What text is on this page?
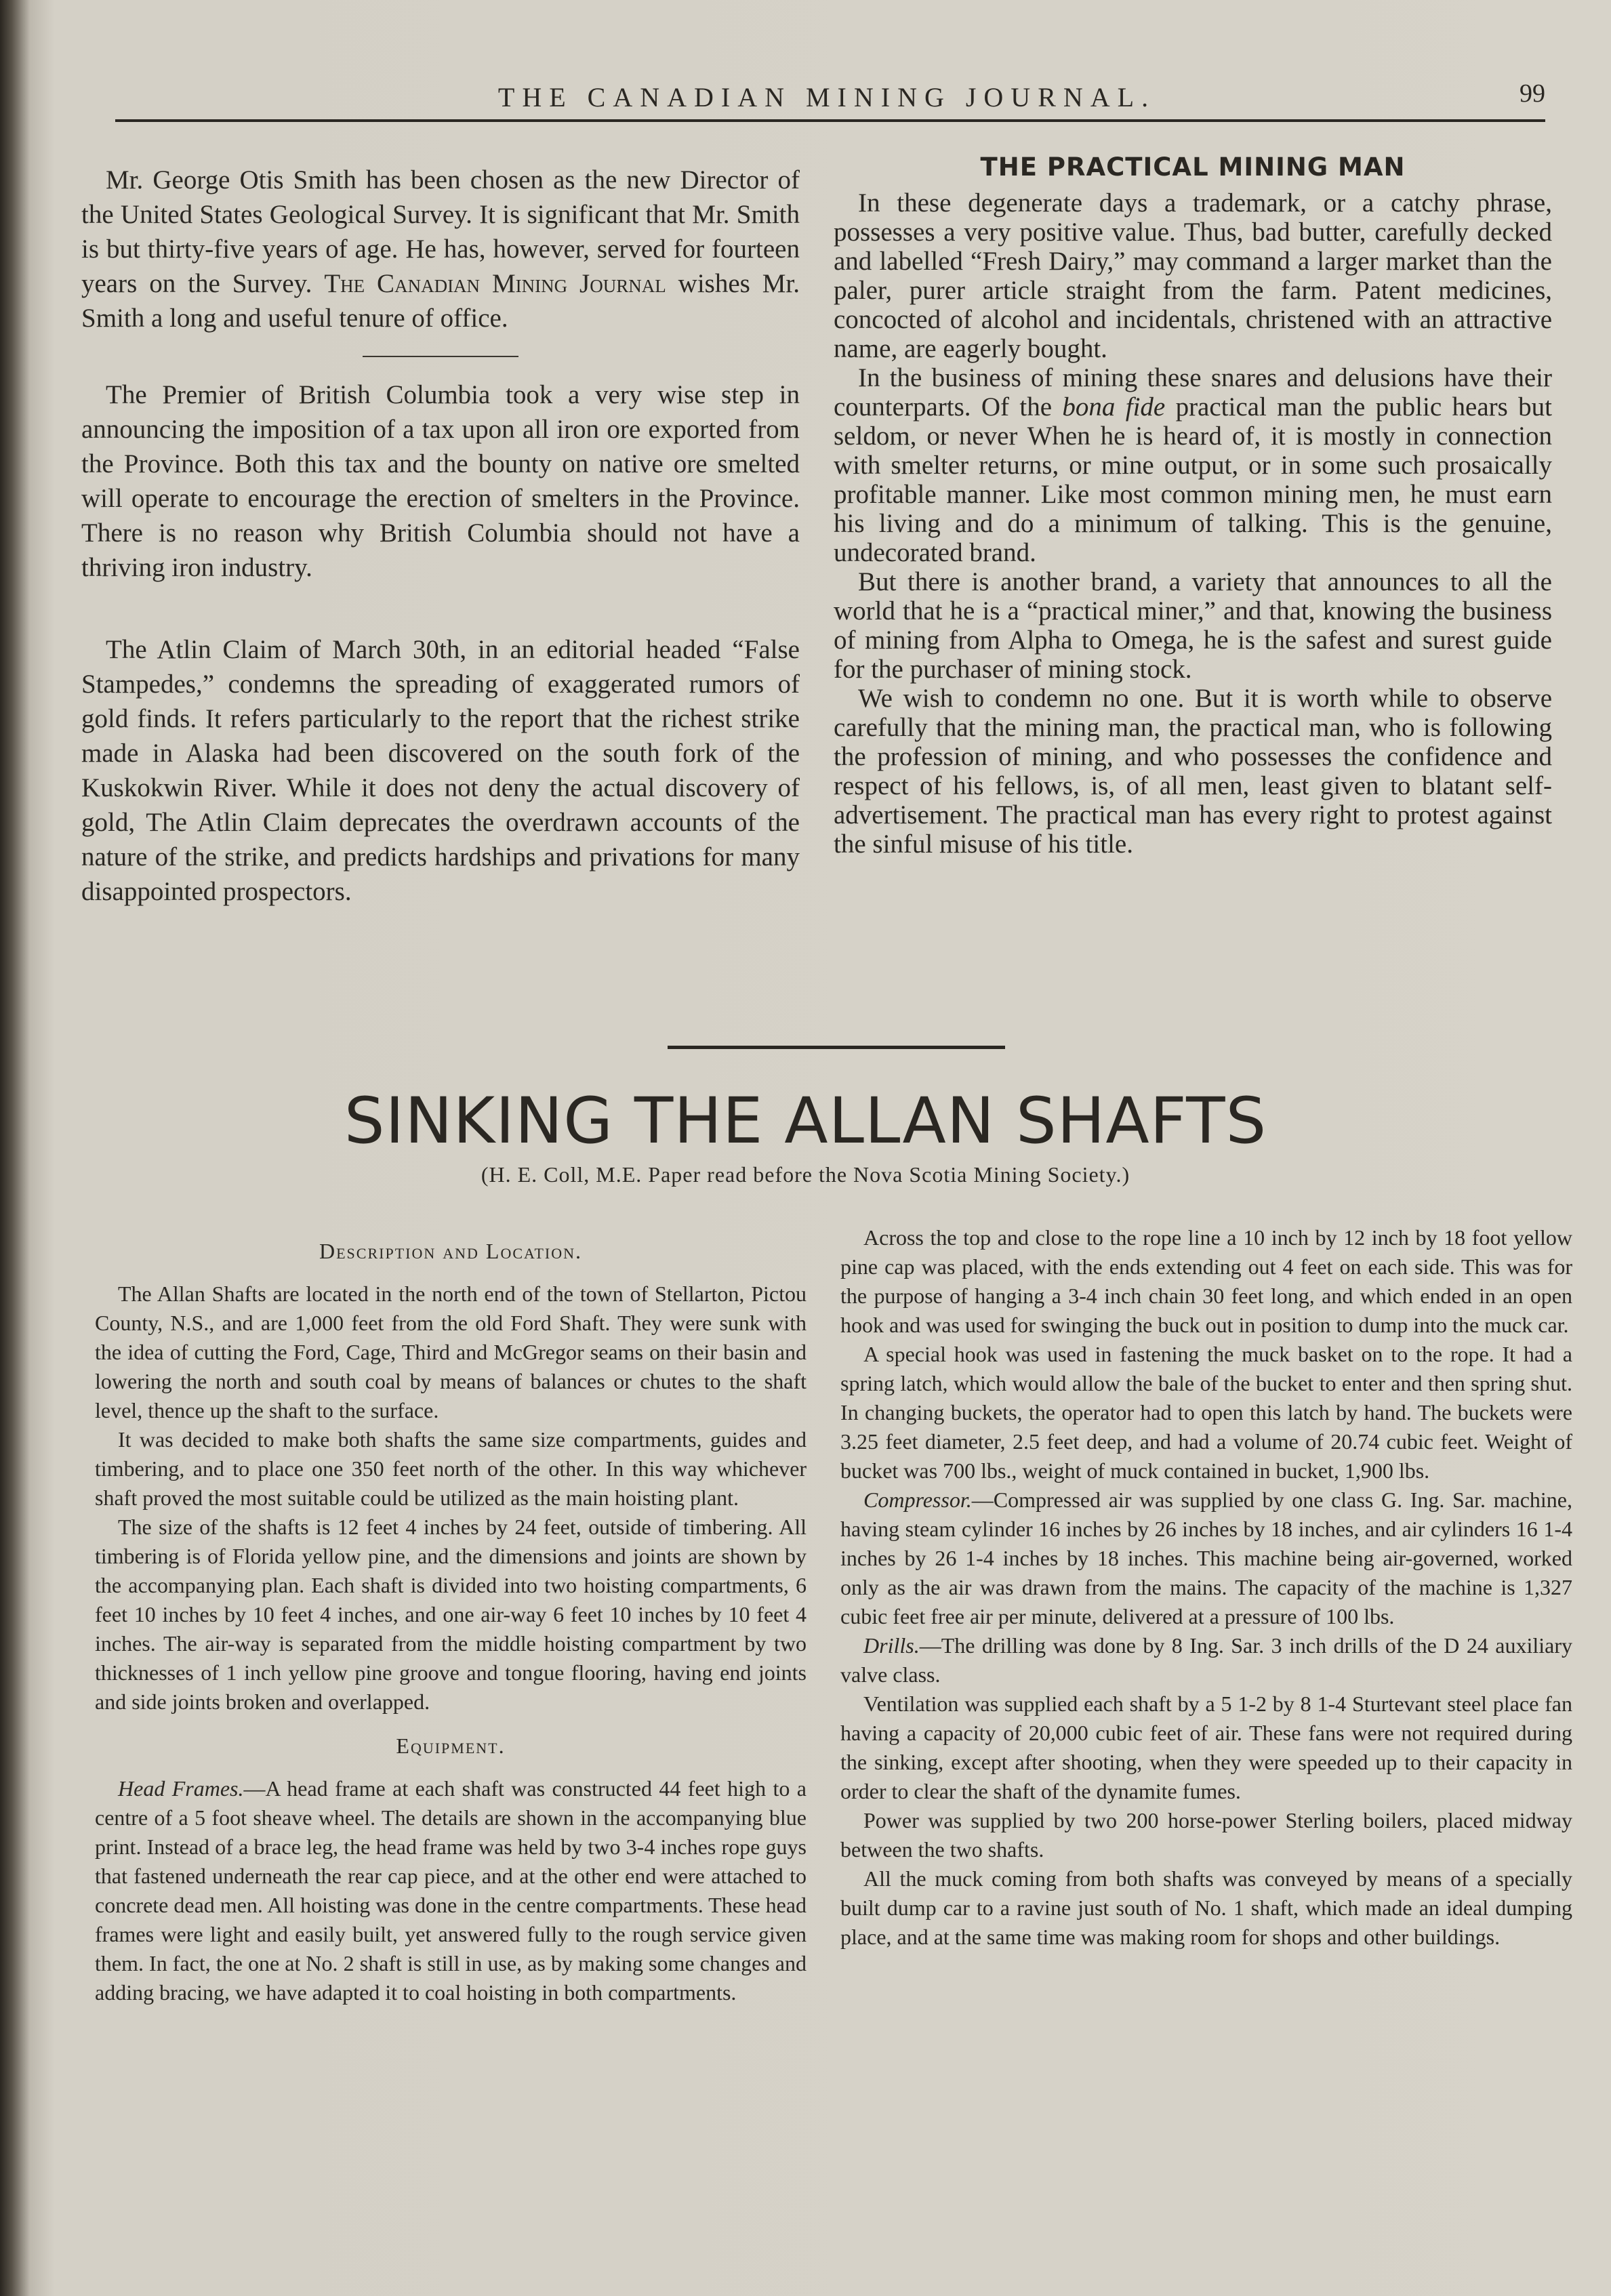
THE CANADIAN MINING JOURNAL.	99

Mr. George Otis Smith has been chosen as the new Director of the United States Geological Survey. It is significant that Mr. Smith is but thirty-five years of age. He has, however, served for fourteen years on the Survey. The Canadian Mining Journal wishes Mr. Smith a long and useful tenure of office.

The Premier of British Columbia took a very wise step in announcing the imposition of a tax upon all iron ore exported from the Province. Both this tax and the bounty on native ore smelted will operate to encourage the erection of smelters in the Province. There is no reason why British Columbia should not have a thriving iron industry.

The Atlin Claim of March 30th, in an editorial headed “False Stampedes,” condemns the spreading of exaggerated rumors of gold finds. It refers particularly to the report that the richest strike made in Alaska had been discovered on the south fork of the Kuskokwin River. While it does not deny the actual discovery of gold, The Atlin Claim deprecates the overdrawn accounts of the nature of the strike, and predicts hardships and privations for many disappointed prospectors.

THE PRACTICAL MINING MAN

In these degenerate days a trademark, or a catchy phrase, possesses a very positive value. Thus, bad butter, carefully decked and labelled “Fresh Dairy,” may command a larger market than the paler, purer article straight from the farm. Patent medicines, concocted of alcohol and incidentals, christened with an attractive name, are eagerly bought.

In the business of mining these snares and delusions have their counterparts. Of the bona fide practical man the public hears but seldom, or never When he is heard of, it is mostly in connection with smelter returns, or mine output, or in some such prosaically profitable manner. Like most common mining men, he must earn his living and do a minimum of talking. This is the genuine, undecorated brand.

But there is another brand, a variety that announces to all the world that he is a “practical miner,” and that, knowing the business of mining from Alpha to Omega, he is the safest and surest guide for the purchaser of mining stock.

We wish to condemn no one. But it is worth while to observe carefully that the mining man, the practical man, who is following the profession of mining, and who possesses the confidence and respect of his fellows, is, of all men, least given to blatant self-advertisement. The practical man has every right to protest against the sinful misuse of his title.

SINKING THE ALLAN SHAFTS
(H. E. Coll, M.E. Paper read before the Nova Scotia Mining Society.)
Description and Location.

The Allan Shafts are located in the north end of the town of Stellarton, Pictou County, N.S., and are 1,000 feet from the old Ford Shaft. They were sunk with the idea of cutting the Ford, Cage, Third and McGregor seams on their basin and lowering the north and south coal by means of balances or chutes to the shaft level, thence up the shaft to the surface.

It was decided to make both shafts the same size compartments, guides and timbering, and to place one 350 feet north of the other. In this way whichever shaft proved the most suitable could be utilized as the main hoisting plant.

The size of the shafts is 12 feet 4 inches by 24 feet, outside of timbering. All timbering is of Florida yellow pine, and the dimensions and joints are shown by the accompanying plan. Each shaft is divided into two hoisting compartments, 6 feet 10 inches by 10 feet 4 inches, and one air-way 6 feet 10 inches by 10 feet 4 inches. The air-way is separated from the middle hoisting compartment by two thicknesses of 1 inch yellow pine groove and tongue flooring, having end joints and side joints broken and overlapped.

Equipment.

Head Frames.—A head frame at each shaft was constructed 44 feet high to a centre of a 5 foot sheave wheel. The details are shown in the accompanying blue print. Instead of a brace leg, the head frame was held by two 3-4 inches rope guys that fastened underneath the rear cap piece, and at the other end were attached to concrete dead men. All hoisting was done in the centre compartments. These head frames were light and easily built, yet answered fully to the rough service given them. In fact, the one at No. 2 shaft is still in use, as by making some changes and adding bracing, we have adapted it to coal hoisting in both compartments.

Across the top and close to the rope line a 10 inch by 12 inch by 18 foot yellow pine cap was placed, with the ends extending out 4 feet on each side. This was for the purpose of hanging a 3-4 inch chain 30 feet long, and which ended in an open hook and was used for swinging the buck out in position to dump into the muck car.

A special hook was used in fastening the muck basket on to the rope. It had a spring latch, which would allow the bale of the bucket to enter and then spring shut. In changing buckets, the operator had to open this latch by hand. The buckets were 3.25 feet diameter, 2.5 feet deep, and had a volume of 20.74 cubic feet. Weight of bucket was 700 lbs., weight of muck contained in bucket, 1,900 lbs.

Compressor.—Compressed air was supplied by one class G. Ing. Sar. machine, having steam cylinder 16 inches by 26 inches by 18 inches, and air cylinders 16 1-4 inches by 26 1-4 inches by 18 inches. This machine being air-governed, worked only as the air was drawn from the mains. The capacity of the machine is 1,327 cubic feet free air per minute, delivered at a pressure of 100 lbs.

Drills.—The drilling was done by 8 Ing. Sar. 3 inch drills of the D 24 auxiliary valve class.

Ventilation was supplied each shaft by a 5 1-2 by 8 1-4 Sturtevant steel place fan having a capacity of 20,000 cubic feet of air. These fans were not required during the sinking, except after shooting, when they were speeded up to their capacity in order to clear the shaft of the dynamite fumes.

Power was supplied by two 200 horse-power Sterling boilers, placed midway between the two shafts.

All the muck coming from both shafts was conveyed by means of a specially built dump car to a ravine just south of No. 1 shaft, which made an ideal dumping place, and at the same time was making room for shops and other buildings.
